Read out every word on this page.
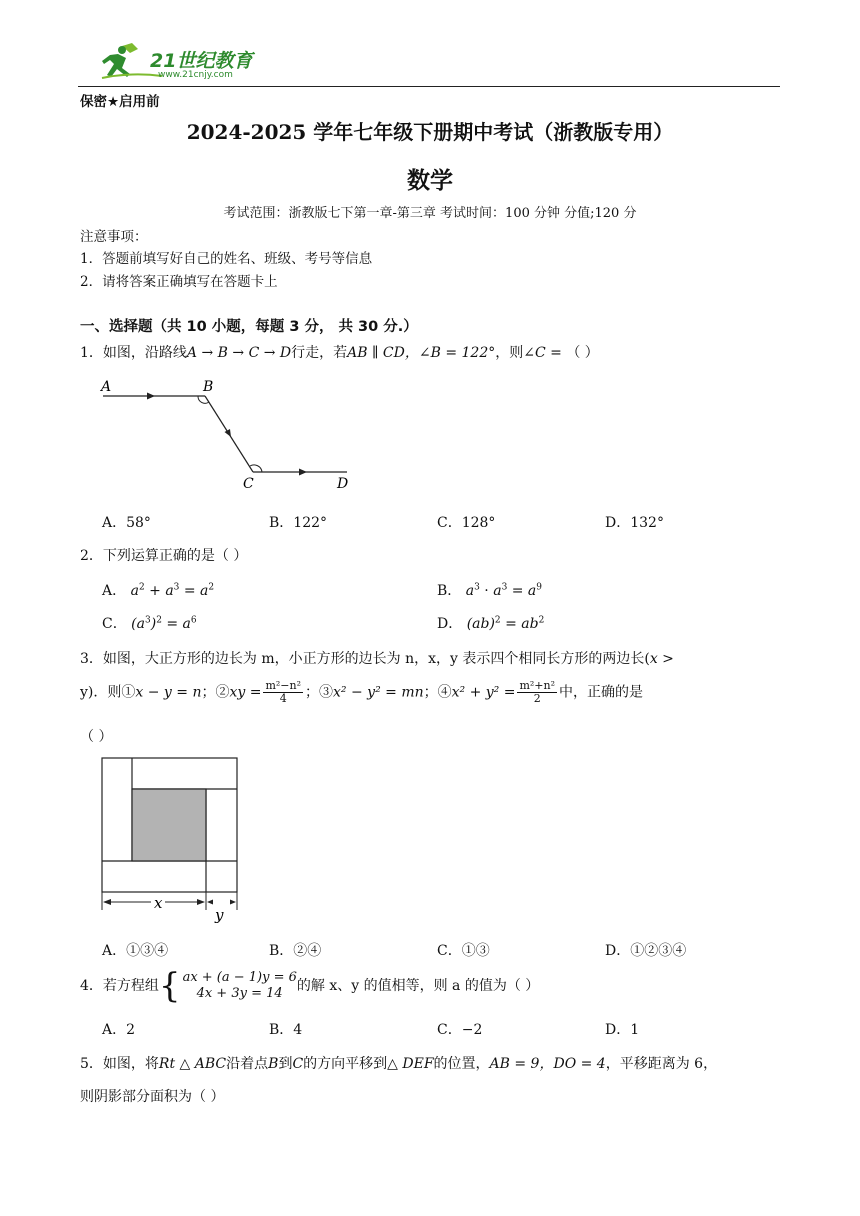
21世纪教育
www.21cnjy.com
保密★启用前
2024-2025 学年七年级下册期中考试（浙教版专用）
数学
考试范围：浙教版七下第一章-第三章 考试时间：100 分钟 分值;120 分
注意事项：
1．答题前填写好自己的姓名、班级、考号等信息
2．请将答案正确填写在答题卡上
一、选择题（共 10 小题，每题 3 分， 共 30 分.）
1．如图，沿路线A → B → C → D行走，若AB ∥ CD，∠B = 122°，则∠C = （ ）
A	B
C	D
A．58°	B．122°	C．128°	D．132°
2．下列运算正确的是（ ）
A． $a^2 + a^3 = a^2$	B． $a^3 \cdot a^3 = a^9$
C． $(a^3)^2 = a^6$	D． $(ab)^2 = ab^2$
3．如图，大正方形的边长为 m，小正方形的边长为 n，x，y 表示四个相同长方形的两边长(x >
y)．则①x − y = n；②xy = $\frac{\text{m²−n²}}{4}$ ；③x² − y² = mn；④x² + $y^2 = \frac{\text{m²+n²}}{2}$ 中，正确的是
（ ）
x
y
A．①③④	B．②④	C．①③	D．①②③④
4．若方程组 { ax + (a − 1)y = 6
4x + 3y = 14	的解 x、y 的值相等，则 a 的值为（ ）
A．2	B．4	C．−2	D．1
5．如图，将Rt △ ABC沿着点B到C的方向平移到△ DEF的位置，AB = 9，DO = 4，平移距离为 6，
则阴影部分面积为（ ）
